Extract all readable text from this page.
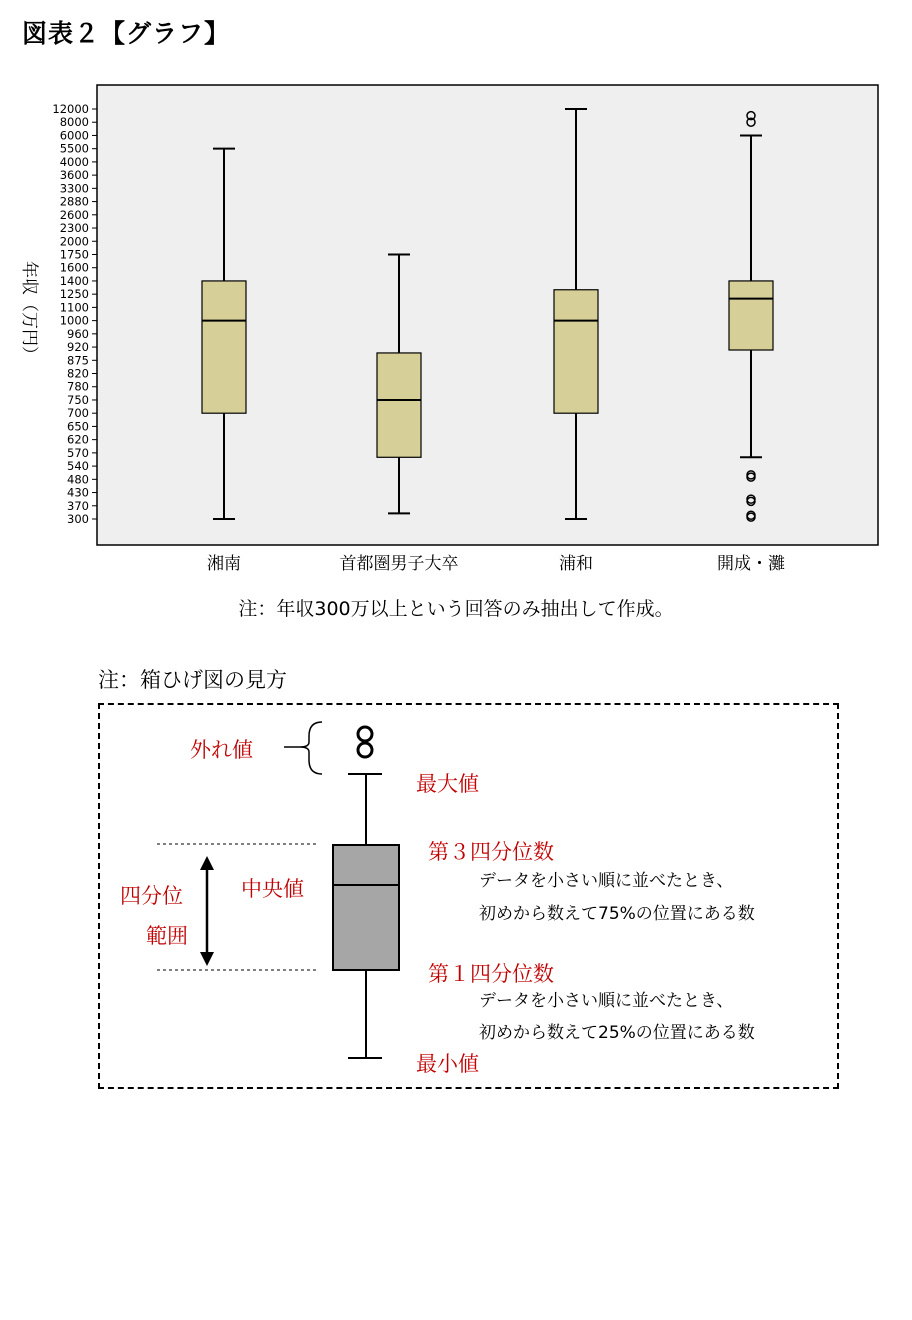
図表２【グラフ】
年収（万円）
12000
8000
6000
5500
4000
3600
3300
2880
2600
2300
2000
1750
1600
1400
1250
1100
1000
960
920
875
820
780
750
700
650
620
570
540
480
430
370
300
湘南	首都圏男子大卒	浦和	開成・灘
注：年収300万以上という回答のみ抽出して作成。
注：箱ひげ図の見方
外れ値
最大値
第３四分位数
データを小さい順に並べたとき、
初めから数えて75%の位置にある数
中央値
四分位
範囲
第１四分位数
データを小さい順に並べたとき、
初めから数えて25%の位置にある数
最小値
